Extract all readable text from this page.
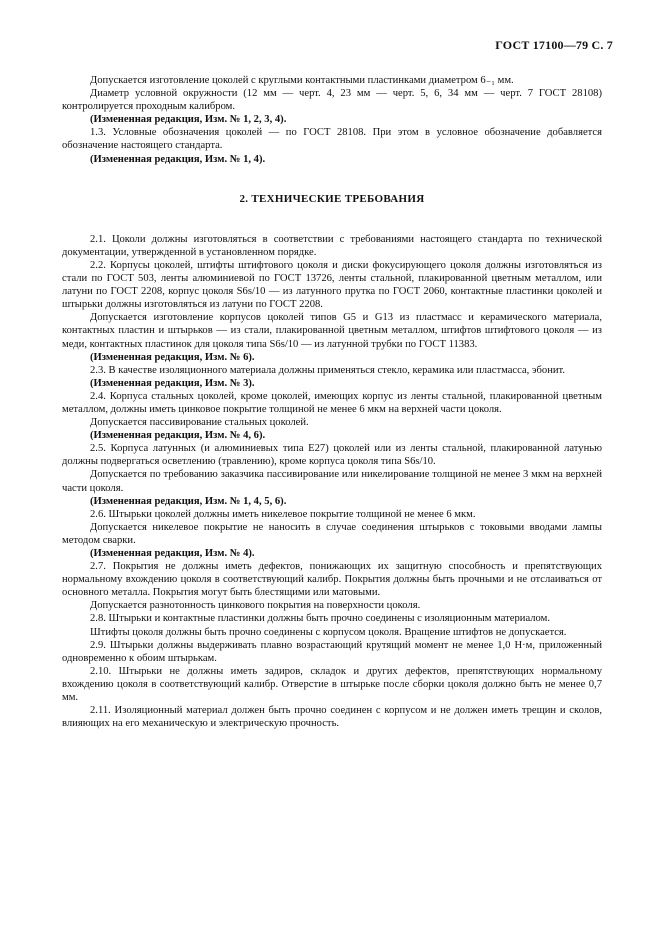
ГОСТ 17100—79 С. 7

Допускается изготовление цоколей с круглыми контактными пластинками диаметром 6₋₁ мм.

Диаметр условной окружности (12 мм — черт. 4, 23 мм — черт. 5, 6, 34 мм — черт. 7 ГОСТ 28108) контролируется проходным калибром.

(Измененная редакция, Изм. № 1, 2, 3, 4).

1.3. Условные обозначения цоколей — по ГОСТ 28108. При этом в условное обозначение добавляется обозначение настоящего стандарта.

(Измененная редакция, Изм. № 1, 4).

2. ТЕХНИЧЕСКИЕ ТРЕБОВАНИЯ

2.1. Цоколи должны изготовляться в соответствии с требованиями настоящего стандарта по технической документации, утвержденной в установленном порядке.

2.2. Корпусы цоколей, штифты штифтового цоколя и диски фокусирующего цоколя должны изготовляться из стали по ГОСТ 503, ленты алюминиевой по ГОСТ 13726, ленты стальной, плакированной цветным металлом, или латуни по ГОСТ 2208, корпус цоколя S6s/10 — из латунного прутка по ГОСТ 2060, контактные пластинки цоколей и штырьки должны изготовляться из латуни по ГОСТ 2208.

Допускается изготовление корпусов цоколей типов G5 и G13 из пластмасс и керамического материала, контактных пластин и штырьков — из стали, плакированной цветным металлом, штифтов штифтового цоколя — из меди, контактных пластинок для цоколя типа S6s/10 — из латунной трубки по ГОСТ 11383.

(Измененная редакция, Изм. № 6).

2.3. В качестве изоляционного материала должны применяться стекло, керамика или пластмасса, эбонит.

(Измененная редакция, Изм. № 3).

2.4. Корпуса стальных цоколей, кроме цоколей, имеющих корпус из ленты стальной, плакированной цветным металлом, должны иметь цинковое покрытие толщиной не менее 6 мкм на верхней части цоколя.

Допускается пассивирование стальных цоколей.

(Измененная редакция, Изм. № 4, 6).

2.5. Корпуса латунных (и алюминиевых типа E27) цоколей или из ленты стальной, плакированной латунью должны подвергаться осветлению (травлению), кроме корпуса цоколя типа S6s/10.

Допускается по требованию заказчика пассивирование или никелирование толщиной не менее 3 мкм на верхней части цоколя.

(Измененная редакция, Изм. № 1, 4, 5, 6).

2.6. Штырьки цоколей должны иметь никелевое покрытие толщиной не менее 6 мкм.

Допускается никелевое покрытие не наносить в случае соединения штырьков с токовыми вводами лампы методом сварки.

(Измененная редакция, Изм. № 4).

2.7. Покрытия не должны иметь дефектов, понижающих их защитную способность и препятствующих нормальному вхождению цоколя в соответствующий калибр. Покрытия должны быть прочными и не отслаиваться от основного металла. Покрытия могут быть блестящими или матовыми.

Допускается разнотонность цинкового покрытия на поверхности цоколя.

2.8. Штырьки и контактные пластинки должны быть прочно соединены с изоляционным материалом.

Штифты цоколя должны быть прочно соединены с корпусом цоколя. Вращение штифтов не допускается.

2.9. Штырьки должны выдерживать плавно возрастающий крутящий момент не менее 1,0 Н·м, приложенный одновременно к обоим штырькам.

2.10. Штырьки не должны иметь задиров, складок и других дефектов, препятствующих нормальному вхождению цоколя в соответствующий калибр. Отверстие в штырьке после сборки цоколя должно быть не менее 0,7 мм.

2.11. Изоляционный материал должен быть прочно соединен с корпусом и не должен иметь трещин и сколов, влияющих на его механическую и электрическую прочность.
